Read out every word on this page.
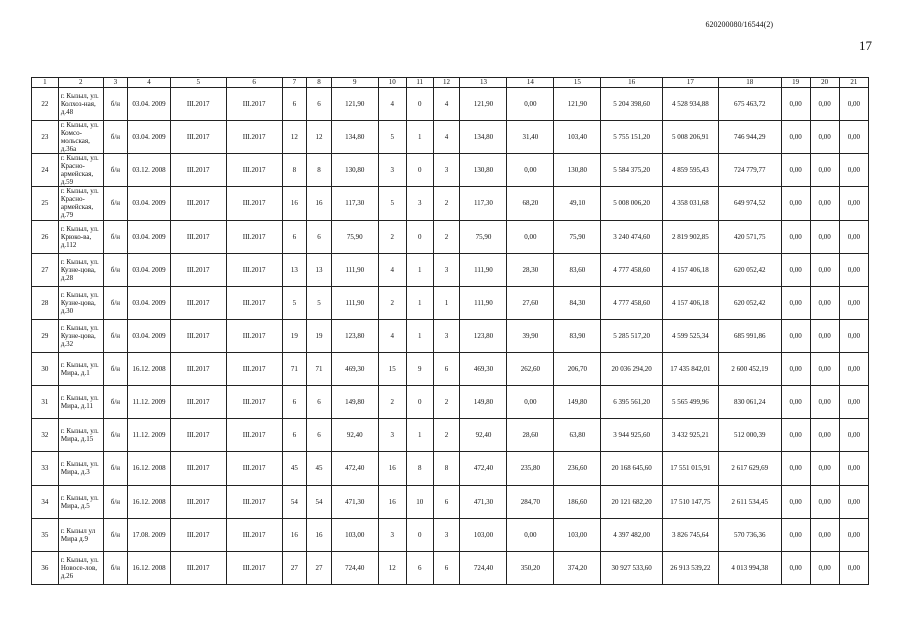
620200080/16544(2)
17
1	2	3	4	5	6	7	8	9	10	11	12	13	14	15	16	17	18	19	20	21
22	г. Кызыл, ул. Колхоз-ная, д.48	б/н	03.04. 2009	III.2017	III.2017	6	6	121,90	4	0	4	121,90	0,00	121,90	5 204 398,60	4 528 934,88	675 463,72	0,00	0,00	0,00
23	г. Кызыл, ул. Комсо-мольская, д.36а	б/н	03.04. 2009	III.2017	III.2017	12	12	134,80	5	1	4	134,80	31,40	103,40	5 755 151,20	5 008 206,91	746 944,29	0,00	0,00	0,00
24	г. Кызыл, ул. Красно-армейская, д.59	б/н	03.12. 2008	III.2017	III.2017	8	8	130,80	3	0	3	130,80	0,00	130,80	5 584 375,20	4 859 595,43	724 779,77	0,00	0,00	0,00
25	г. Кызыл, ул. Красно-армейская, д.79	б/н	03.04. 2009	III.2017	III.2017	16	16	117,30	5	3	2	117,30	68,20	49,10	5 008 006,20	4 358 031,68	649 974,52	0,00	0,00	0,00
26	г. Кызыл, ул. Крюко-ва, д.112	б/н	03.04. 2009	III.2017	III.2017	6	6	75,90	2	0	2	75,90	0,00	75,90	3 240 474,60	2 819 902,85	420 571,75	0,00	0,00	0,00
27	г. Кызыл, ул. Кузне-цова, д.28	б/н	03.04. 2009	III.2017	III.2017	13	13	111,90	4	1	3	111,90	28,30	83,60	4 777 458,60	4 157 406,18	620 052,42	0,00	0,00	0,00
28	г. Кызыл, ул. Кузне-цова, д.30	б/н	03.04. 2009	III.2017	III.2017	5	5	111,90	2	1	1	111,90	27,60	84,30	4 777 458,60	4 157 406,18	620 052,42	0,00	0,00	0,00
29	г. Кызыл, ул. Кузне-цова, д.32	б/н	03.04. 2009	III.2017	III.2017	19	19	123,80	4	1	3	123,80	39,90	83,90	5 285 517,20	4 599 525,34	685 991,86	0,00	0,00	0,00
30	г. Кызыл, ул. Мира, д.1	б/н	16.12. 2008	III.2017	III.2017	71	71	469,30	15	9	6	469,30	262,60	206,70	20 036 294,20	17 435 842,01	2 600 452,19	0,00	0,00	0,00
31	г. Кызыл, ул. Мира, д.11	б/н	11.12. 2009	III.2017	III.2017	6	6	149,80	2	0	2	149,80	0,00	149,80	6 395 561,20	5 565 499,96	830 061,24	0,00	0,00	0,00
32	г. Кызыл, ул. Мира, д.15	б/н	11.12. 2009	III.2017	III.2017	6	6	92,40	3	1	2	92,40	28,60	63,80	3 944 925,60	3 432 925,21	512 000,39	0,00	0,00	0,00
33	г. Кызыл, ул. Мира, д.3	б/н	16.12. 2008	III.2017	III.2017	45	45	472,40	16	8	8	472,40	235,80	236,60	20 168 645,60	17 551 015,91	2 617 629,69	0,00	0,00	0,00
34	г. Кызыл, ул. Мира, д.5	б/н	16.12. 2008	III.2017	III.2017	54	54	471,30	16	10	6	471,30	284,70	186,60	20 121 682,20	17 510 147,75	2 611 534,45	0,00	0,00	0,00
35	г. Кызыл ул Мира д.9	б/н	17.08. 2009	III.2017	III.2017	16	16	103,00	3	0	3	103,00	0,00	103,00	4 397 482,00	3 826 745,64	570 736,36	0,00	0,00	0,00
36	г. Кызыл, ул. Новосе-лов, д.26	б/н	16.12. 2008	III.2017	III.2017	27	27	724,40	12	6	6	724,40	350,20	374,20	30 927 533,60	26 913 539,22	4 013 994,38	0,00	0,00	0,00
